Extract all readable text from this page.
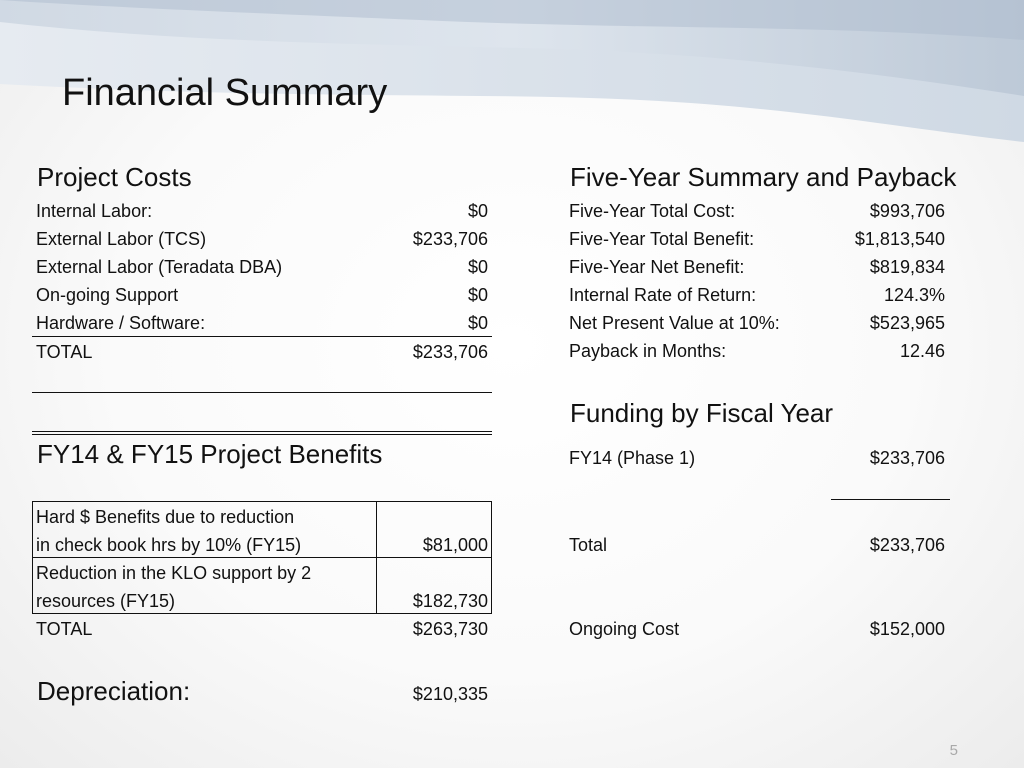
Financial Summary
Project Costs
Internal Labor:	$0
External Labor (TCS)	$233,706
External Labor (Teradata DBA)	$0
On-going Support	$0
Hardware / Software:	$0
TOTAL	$233,706
FY14 & FY15 Project Benefits
Hard $ Benefits due to reduction
in check book hrs by 10% (FY15)	$81,000
Reduction in the KLO support by 2
resources (FY15)	$182,730
TOTAL	$263,730
Depreciation:	$210,335
Five-Year Summary and Payback
Five-Year Total Cost:	$993,706
Five-Year Total Benefit:	$1,813,540
Five-Year Net Benefit:	$819,834
Internal Rate of Return:	124.3%
Net Present Value at 10%:	$523,965
Payback in Months:	12.46
Funding by Fiscal Year
FY14 (Phase 1)	$233,706
Total	$233,706
Ongoing Cost	$152,000
5
